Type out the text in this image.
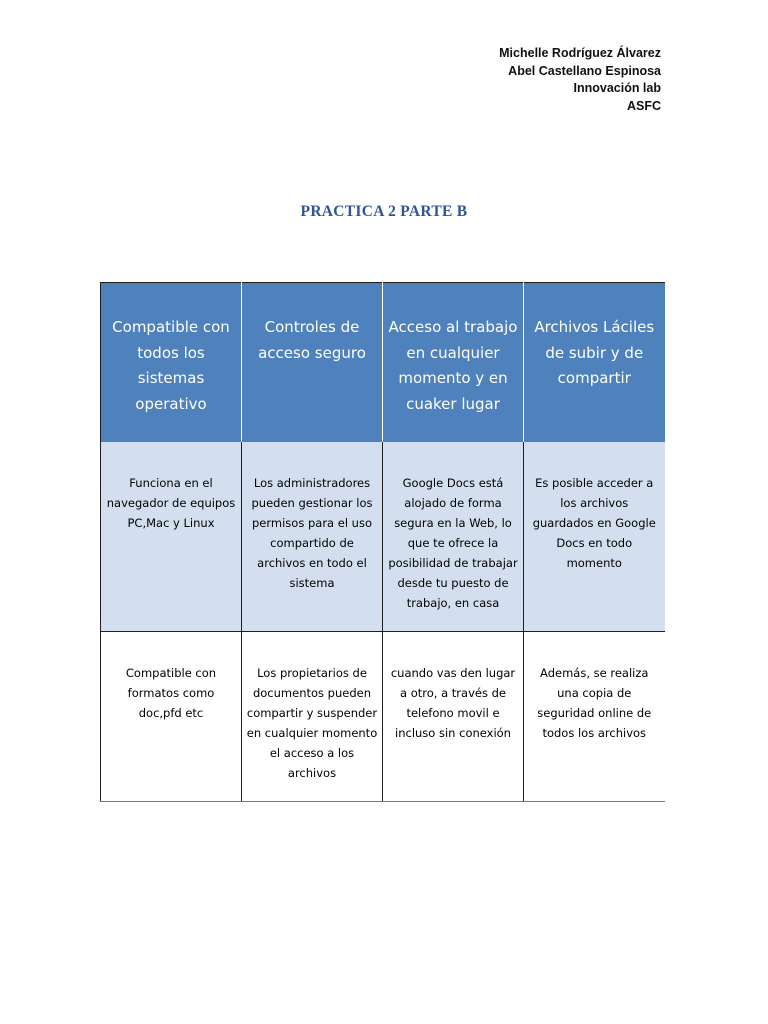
Michelle Rodríguez Álvarez
Abel Castellano Espinosa
Innovación lab
ASFC
PRACTICA 2 PARTE B
Compatible con todos los sistemas operativo	Controles de acceso seguro	Acceso al trabajo en cualquier momento y en cuaker lugar	Archivos Láciles de subir y de compartir

Funciona en el navegador de equipos PC,Mac y Linux	Los administradores pueden gestionar los permisos para el uso compartido de archivos en todo el sistema	Google Docs está alojado de forma segura en la Web, lo que te ofrece la posibilidad de trabajar desde tu puesto de trabajo, en casa	Es posible acceder a los archivos guardados en Google Docs en todo momento

Compatible con formatos como doc,pfd etc	Los propietarios de documentos pueden compartir y suspender en cualquier momento el acceso a los archivos	cuando vas den lugar a otro, a través de telefono movil e incluso sin conexión	Además, se realiza una copia de seguridad online de todos los archivos
